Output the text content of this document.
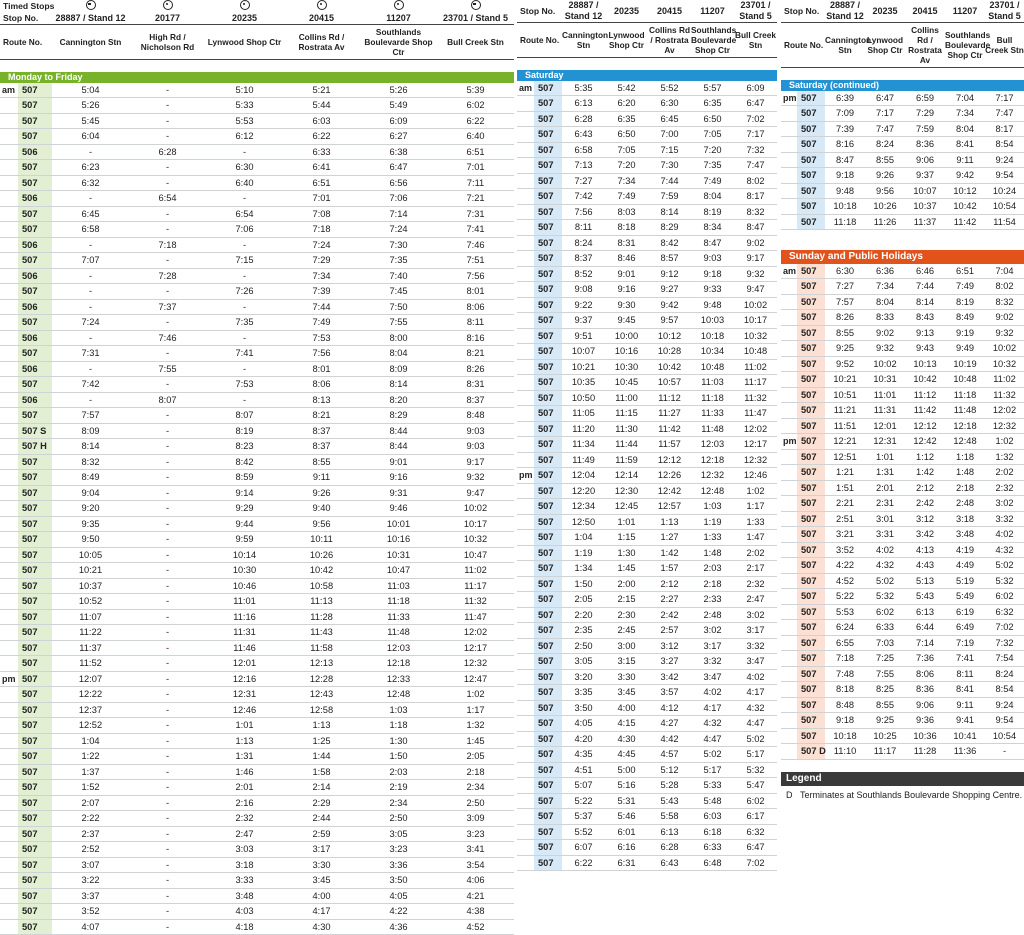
Timed Stops							
Stop No.		28887 / Stand 12	20177	20235	20415	11207	23701 / Stand 5
Route No.		Cannington Stn	High Rd / Nicholson Rd	Lynwood Shop Ctr	Collins Rd / Rostrata Av	Southlands Boulevarde Shop Ctr	Bull Creek Stn

Monday to Friday							
am	507	5:04	-	5:10	5:21	5:26	5:39
	507	5:26	-	5:33	5:44	5:49	6:02
	507	5:45	-	5:53	6:03	6:09	6:22
	507	6:04	-	6:12	6:22	6:27	6:40
	506	-	6:28	-	6:33	6:38	6:51
	507	6:23	-	6:30	6:41	6:47	7:01
	507	6:32	-	6:40	6:51	6:56	7:11
	506	-	6:54	-	7:01	7:06	7:21
	507	6:45	-	6:54	7:08	7:14	7:31
	507	6:58	-	7:06	7:18	7:24	7:41
	506	-	7:18	-	7:24	7:30	7:46
	507	7:07	-	7:15	7:29	7:35	7:51
	506	-	7:28	-	7:34	7:40	7:56
	507	-	-	7:26	7:39	7:45	8:01
	506	-	7:37	-	7:44	7:50	8:06
	507	7:24	-	7:35	7:49	7:55	8:11
	506	-	7:46	-	7:53	8:00	8:16
	507	7:31	-	7:41	7:56	8:04	8:21
	506	-	7:55	-	8:01	8:09	8:26
	507	7:42	-	7:53	8:06	8:14	8:31
	506	-	8:07	-	8:13	8:20	8:37
	507	7:57	-	8:07	8:21	8:29	8:48
	507 S	8:09	-	8:19	8:37	8:44	9:03
	507 H	8:14	-	8:23	8:37	8:44	9:03
	507	8:32	-	8:42	8:55	9:01	9:17
	507	8:49	-	8:59	9:11	9:16	9:32
	507	9:04	-	9:14	9:26	9:31	9:47
	507	9:20	-	9:29	9:40	9:46	10:02
	507	9:35	-	9:44	9:56	10:01	10:17
	507	9:50	-	9:59	10:11	10:16	10:32
	507	10:05	-	10:14	10:26	10:31	10:47
	507	10:21	-	10:30	10:42	10:47	11:02
	507	10:37	-	10:46	10:58	11:03	11:17
	507	10:52	-	11:01	11:13	11:18	11:32
	507	11:07	-	11:16	11:28	11:33	11:47
	507	11:22	-	11:31	11:43	11:48	12:02
	507	11:37	-	11:46	11:58	12:03	12:17
	507	11:52	-	12:01	12:13	12:18	12:32
pm	507	12:07	-	12:16	12:28	12:33	12:47
	507	12:22	-	12:31	12:43	12:48	1:02
	507	12:37	-	12:46	12:58	1:03	1:17
	507	12:52	-	1:01	1:13	1:18	1:32
	507	1:04	-	1:13	1:25	1:30	1:45
	507	1:22	-	1:31	1:44	1:50	2:05
	507	1:37	-	1:46	1:58	2:03	2:18
	507	1:52	-	2:01	2:14	2:19	2:34
	507	2:07	-	2:16	2:29	2:34	2:50
	507	2:22	-	2:32	2:44	2:50	3:09
	507	2:37	-	2:47	2:59	3:05	3:23
	507	2:52	-	3:03	3:17	3:23	3:41
	507	3:07	-	3:18	3:30	3:36	3:54
	507	3:22	-	3:33	3:45	3:50	4:06
	507	3:37	-	3:48	4:00	4:05	4:21
	507	3:52	-	4:03	4:17	4:22	4:38
	507	4:07	-	4:18	4:30	4:36	4:52
Stop No.		28887 / Stand 12	20235	20415	11207	23701 / Stand 5
Route No.		Cannington Stn	Lynwood Shop Ctr	Collins Rd / Rostrata Av	Southlands Boulevarde Shop Ctr	Bull Creek Stn

Saturday						
am	507	5:35	5:42	5:52	5:57	6:09
	507	6:13	6:20	6:30	6:35	6:47
	507	6:28	6:35	6:45	6:50	7:02
	507	6:43	6:50	7:00	7:05	7:17
	507	6:58	7:05	7:15	7:20	7:32
	507	7:13	7:20	7:30	7:35	7:47
	507	7:27	7:34	7:44	7:49	8:02
	507	7:42	7:49	7:59	8:04	8:17
	507	7:56	8:03	8:14	8:19	8:32
	507	8:11	8:18	8:29	8:34	8:47
	507	8:24	8:31	8:42	8:47	9:02
	507	8:37	8:46	8:57	9:03	9:17
	507	8:52	9:01	9:12	9:18	9:32
	507	9:08	9:16	9:27	9:33	9:47
	507	9:22	9:30	9:42	9:48	10:02
	507	9:37	9:45	9:57	10:03	10:17
	507	9:51	10:00	10:12	10:18	10:32
	507	10:07	10:16	10:28	10:34	10:48
	507	10:21	10:30	10:42	10:48	11:02
	507	10:35	10:45	10:57	11:03	11:17
	507	10:50	11:00	11:12	11:18	11:32
	507	11:05	11:15	11:27	11:33	11:47
	507	11:20	11:30	11:42	11:48	12:02
	507	11:34	11:44	11:57	12:03	12:17
	507	11:49	11:59	12:12	12:18	12:32
pm	507	12:04	12:14	12:26	12:32	12:46
	507	12:20	12:30	12:42	12:48	1:02
	507	12:34	12:45	12:57	1:03	1:17
	507	12:50	1:01	1:13	1:19	1:33
	507	1:04	1:15	1:27	1:33	1:47
	507	1:19	1:30	1:42	1:48	2:02
	507	1:34	1:45	1:57	2:03	2:17
	507	1:50	2:00	2:12	2:18	2:32
	507	2:05	2:15	2:27	2:33	2:47
	507	2:20	2:30	2:42	2:48	3:02
	507	2:35	2:45	2:57	3:02	3:17
	507	2:50	3:00	3:12	3:17	3:32
	507	3:05	3:15	3:27	3:32	3:47
	507	3:20	3:30	3:42	3:47	4:02
	507	3:35	3:45	3:57	4:02	4:17
	507	3:50	4:00	4:12	4:17	4:32
	507	4:05	4:15	4:27	4:32	4:47
	507	4:20	4:30	4:42	4:47	5:02
	507	4:35	4:45	4:57	5:02	5:17
	507	4:51	5:00	5:12	5:17	5:32
	507	5:07	5:16	5:28	5:33	5:47
	507	5:22	5:31	5:43	5:48	6:02
	507	5:37	5:46	5:58	6:03	6:17
	507	5:52	6:01	6:13	6:18	6:32
	507	6:07	6:16	6:28	6:33	6:47
	507	6:22	6:31	6:43	6:48	7:02
Stop No.		28887 / Stand 12	20235	20415	11207	23701 / Stand 5
Route No.		Cannington Stn	Lynwood Shop Ctr	Collins Rd / Rostrata Av	Southlands Boulevarde Shop Ctr	Bull Creek Stn

Saturday (continued)						
pm	507	6:39	6:47	6:59	7:04	7:17
	507	7:09	7:17	7:29	7:34	7:47
	507	7:39	7:47	7:59	8:04	8:17
	507	8:16	8:24	8:36	8:41	8:54
	507	8:47	8:55	9:06	9:11	9:24
	507	9:18	9:26	9:37	9:42	9:54
	507	9:48	9:56	10:07	10:12	10:24
	507	10:18	10:26	10:37	10:42	10:54
	507	11:18	11:26	11:37	11:42	11:54

Sunday and Public Holidays						
am	507	6:30	6:36	6:46	6:51	7:04
	507	7:27	7:34	7:44	7:49	8:02
	507	7:57	8:04	8:14	8:19	8:32
	507	8:26	8:33	8:43	8:49	9:02
	507	8:55	9:02	9:13	9:19	9:32
	507	9:25	9:32	9:43	9:49	10:02
	507	9:52	10:02	10:13	10:19	10:32
	507	10:21	10:31	10:42	10:48	11:02
	507	10:51	11:01	11:12	11:18	11:32
	507	11:21	11:31	11:42	11:48	12:02
	507	11:51	12:01	12:12	12:18	12:32
pm	507	12:21	12:31	12:42	12:48	1:02
	507	12:51	1:01	1:12	1:18	1:32
	507	1:21	1:31	1:42	1:48	2:02
	507	1:51	2:01	2:12	2:18	2:32
	507	2:21	2:31	2:42	2:48	3:02
	507	2:51	3:01	3:12	3:18	3:32
	507	3:21	3:31	3:42	3:48	4:02
	507	3:52	4:02	4:13	4:19	4:32
	507	4:22	4:32	4:43	4:49	5:02
	507	4:52	5:02	5:13	5:19	5:32
	507	5:22	5:32	5:43	5:49	6:02
	507	5:53	6:02	6:13	6:19	6:32
	507	6:24	6:33	6:44	6:49	7:02
	507	6:55	7:03	7:14	7:19	7:32
	507	7:18	7:25	7:36	7:41	7:54
	507	7:48	7:55	8:06	8:11	8:24
	507	8:18	8:25	8:36	8:41	8:54
	507	8:48	8:55	9:06	9:11	9:24
	507	9:18	9:25	9:36	9:41	9:54
	507	10:18	10:25	10:36	10:41	10:54
	507 D	11:10	11:17	11:28	11:36	-
Legend
D Terminates at Southlands Boulevarde Shopping Centre.
